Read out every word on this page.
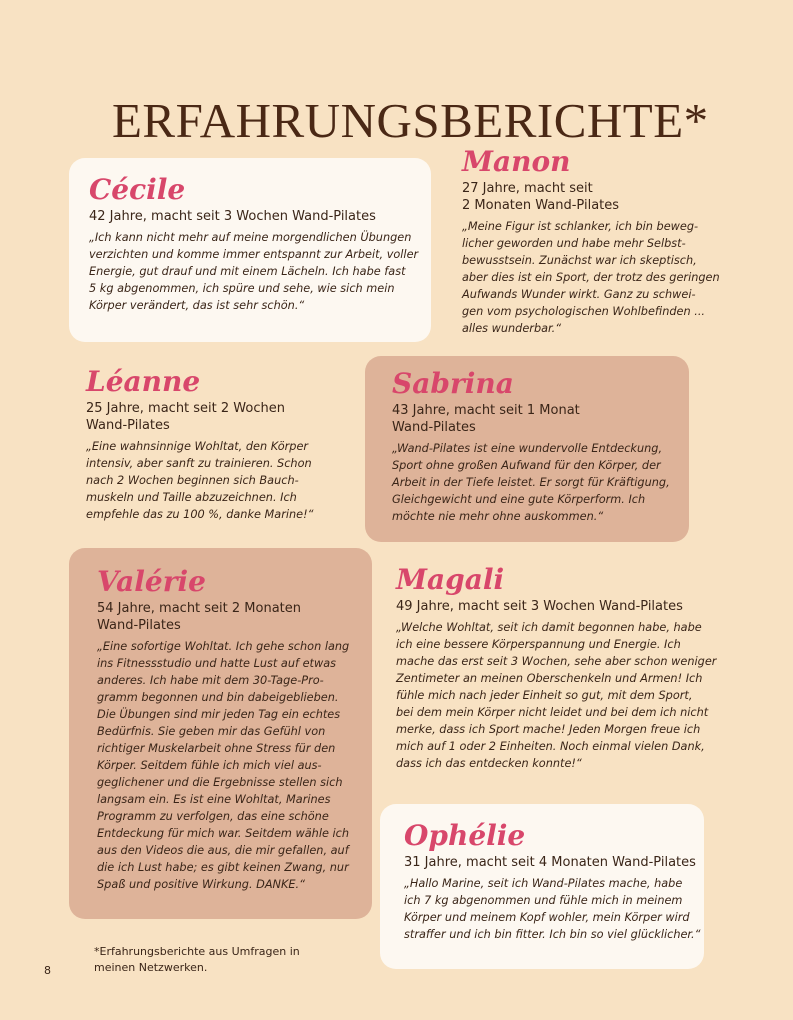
ERFAHRUNGSBERICHTE*

Cécile

42 Jahre, macht seit 3 Wochen Wand-Pilates
„Ich kann nicht mehr auf meine morgendlichen Übungen
verzichten und komme immer entspannt zur Arbeit, voller
Energie, gut drauf und mit einem Lächeln. Ich habe fast
5 kg abgenommen, ich spüre und sehe, wie sich mein
Körper verändert, das ist sehr schön.“

Manon

27 Jahre, macht seit
2 Monaten Wand-Pilates
„Meine Figur ist schlanker, ich bin beweg-
licher geworden und habe mehr Selbst-
bewusstsein. Zunächst war ich skeptisch,
aber dies ist ein Sport, der trotz des geringen
Aufwands Wunder wirkt. Ganz zu schwei-
gen vom psychologischen Wohlbefinden ...
alles wunderbar.“

Léanne

25 Jahre, macht seit 2 Wochen
Wand-Pilates
„Eine wahnsinnige Wohltat, den Körper
intensiv, aber sanft zu trainieren. Schon
nach 2 Wochen beginnen sich Bauch-
muskeln und Taille abzuzeichnen. Ich
empfehle das zu 100 %, danke Marine!“

Sabrina

43 Jahre, macht seit 1 Monat
Wand-Pilates
„Wand-Pilates ist eine wundervolle Entdeckung,
Sport ohne großen Aufwand für den Körper, der
Arbeit in der Tiefe leistet. Er sorgt für Kräftigung,
Gleichgewicht und eine gute Körperform. Ich
möchte nie mehr ohne auskommen.“

Valérie

54 Jahre, macht seit 2 Monaten
Wand-Pilates
„Eine sofortige Wohltat. Ich gehe schon lang
ins Fitnessstudio und hatte Lust auf etwas
anderes. Ich habe mit dem 30-Tage-Pro-
gramm begonnen und bin dabeigeblieben.
Die Übungen sind mir jeden Tag ein echtes
Bedürfnis. Sie geben mir das Gefühl von
richtiger Muskelarbeit ohne Stress für den
Körper. Seitdem fühle ich mich viel aus-
geglichener und die Ergebnisse stellen sich
langsam ein. Es ist eine Wohltat, Marines
Programm zu verfolgen, das eine schöne
Entdeckung für mich war. Seitdem wähle ich
aus den Videos die aus, die mir gefallen, auf
die ich Lust habe; es gibt keinen Zwang, nur
Spaß und positive Wirkung. DANKE.“

Magali

49 Jahre, macht seit 3 Wochen Wand-Pilates
„Welche Wohltat, seit ich damit begonnen habe, habe
ich eine bessere Körperspannung und Energie. Ich
mache das erst seit 3 Wochen, sehe aber schon weniger
Zentimeter an meinen Oberschenkeln und Armen! Ich
fühle mich nach jeder Einheit so gut, mit dem Sport,
bei dem mein Körper nicht leidet und bei dem ich nicht
merke, dass ich Sport mache! Jeden Morgen freue ich
mich auf 1 oder 2 Einheiten. Noch einmal vielen Dank,
dass ich das entdecken konnte!“

Ophélie

31 Jahre, macht seit 4 Monaten Wand-Pilates
„Hallo Marine, seit ich Wand-Pilates mache, habe
ich 7 kg abgenommen und fühle mich in meinem
Körper und meinem Kopf wohler, mein Körper wird
straffer und ich bin fitter. Ich bin so viel glücklicher.“
*Erfahrungsberichte aus Umfragen in
meinen Netzwerken.
8
